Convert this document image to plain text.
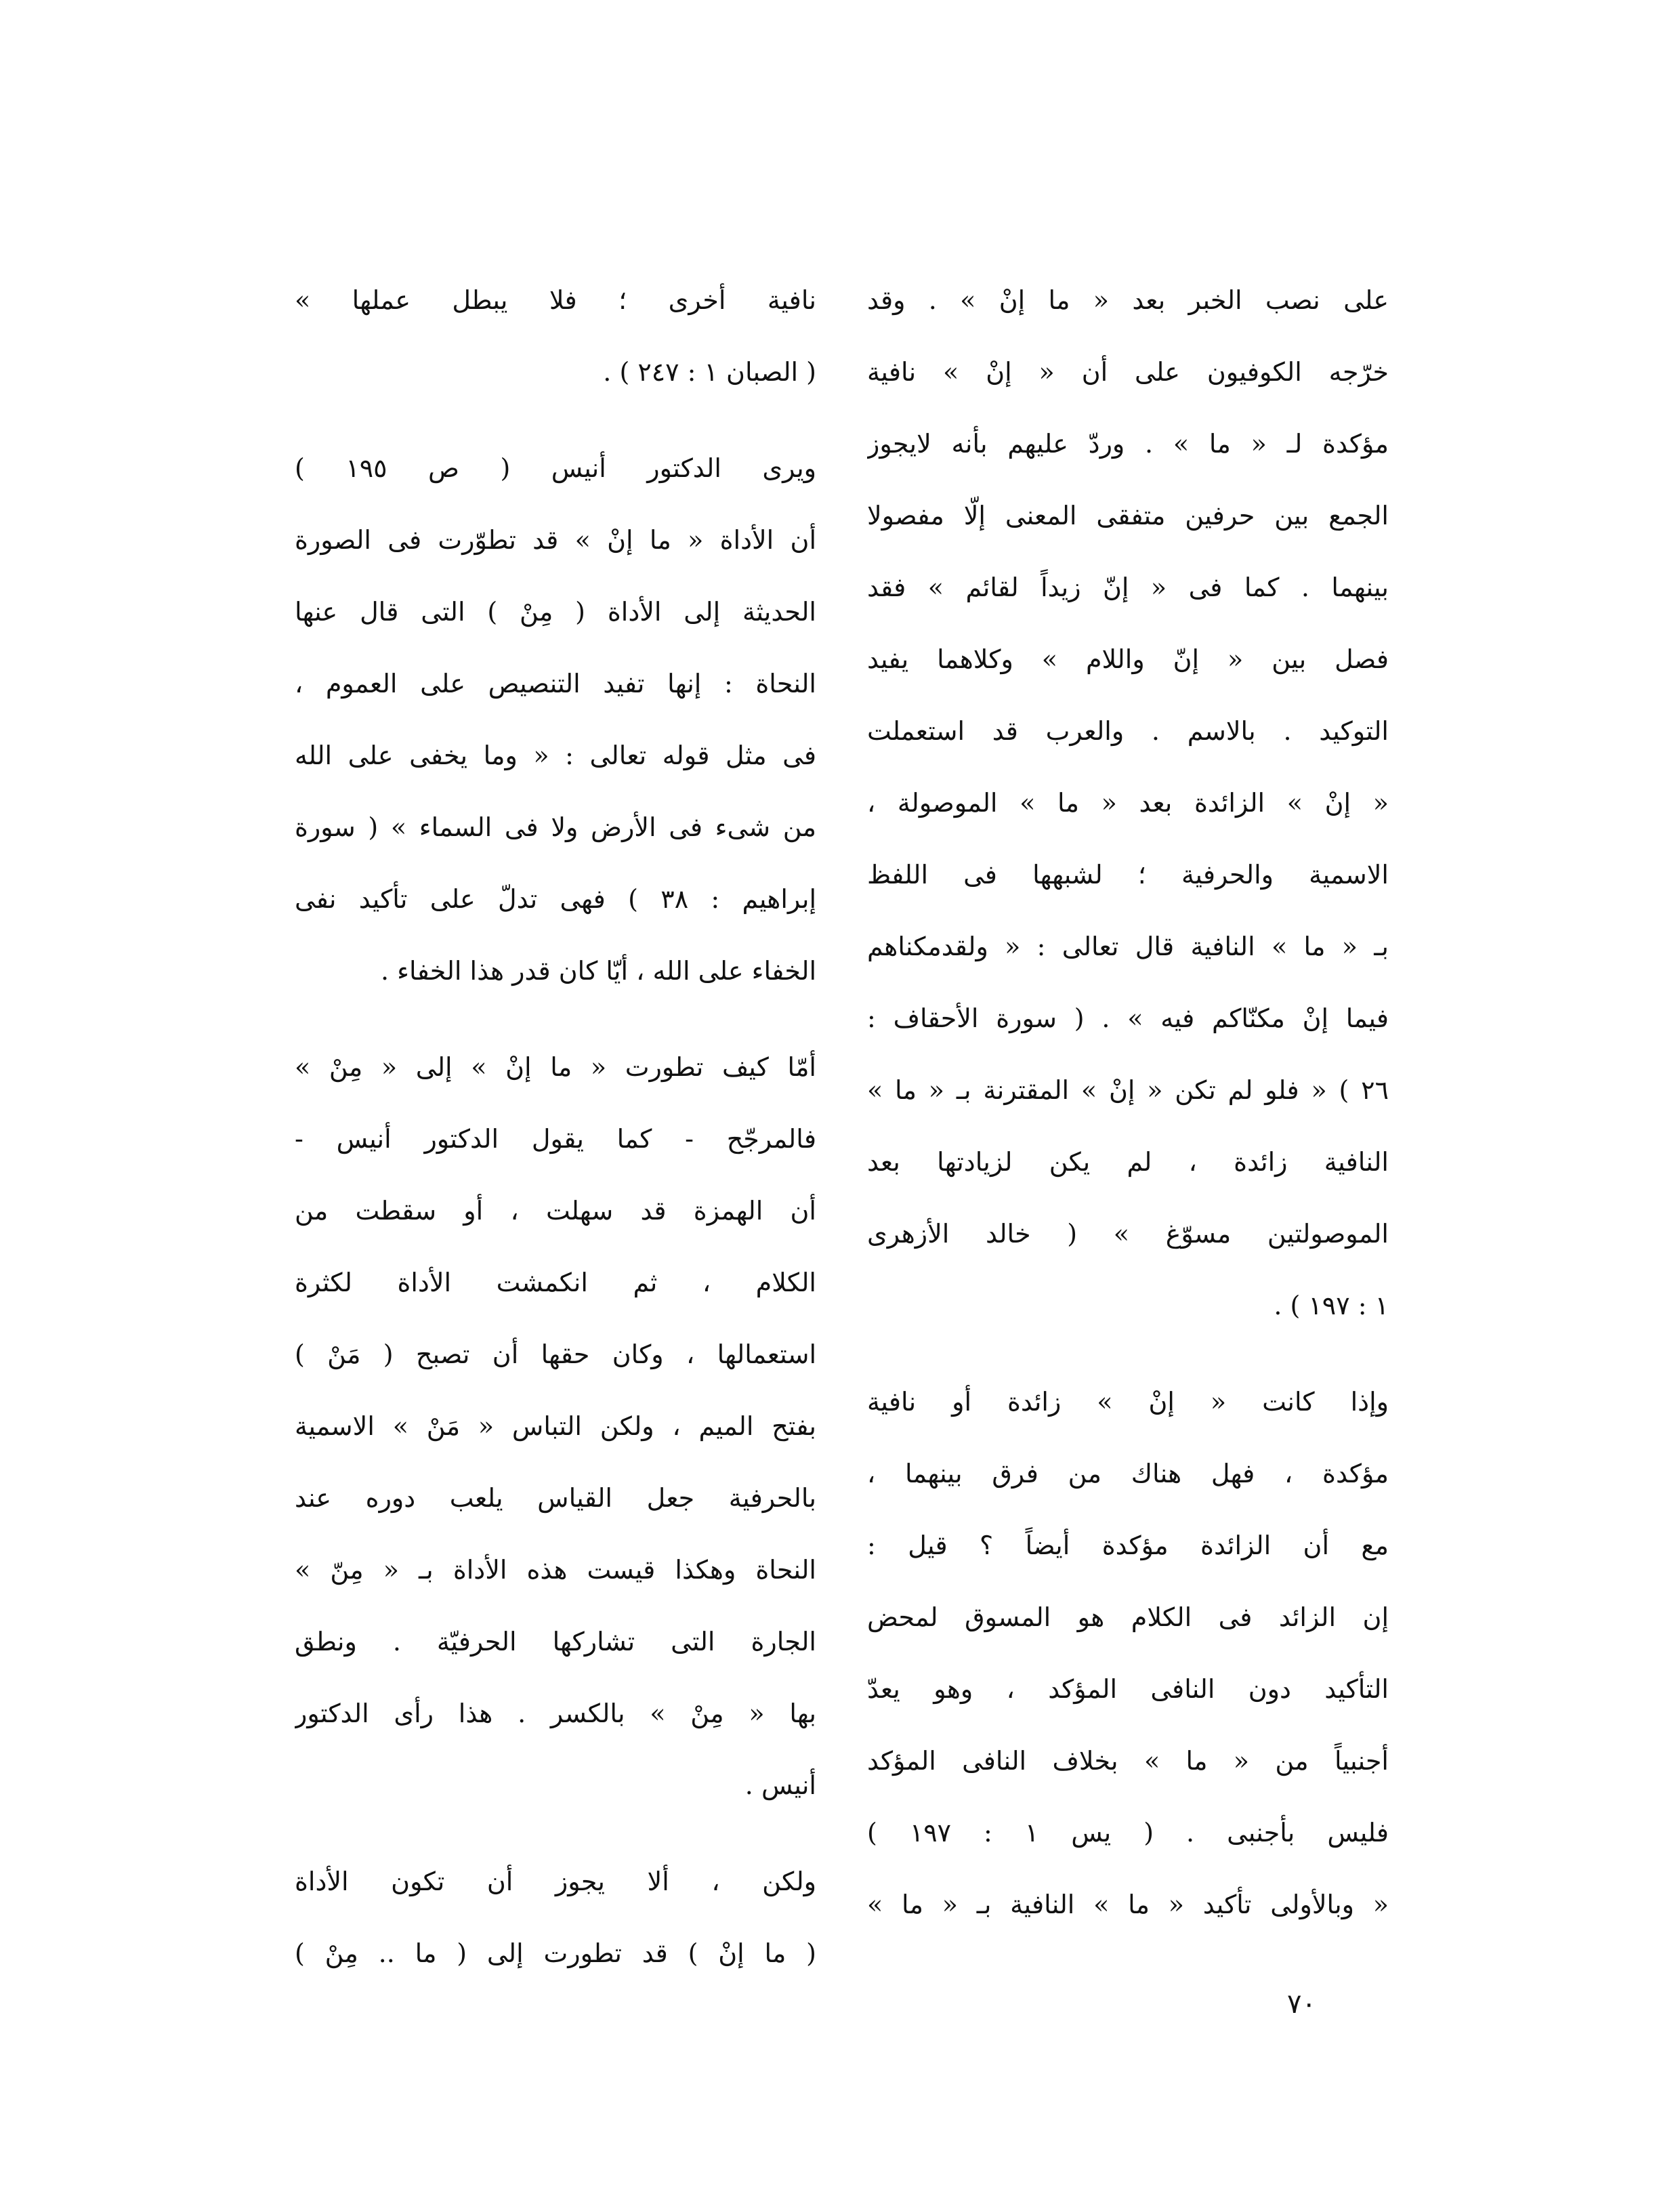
على نصب الخبر بعد « ما إنْ » . وقد
خرّجه الكوفيون على أن « إنْ » نافية
مؤكدة لـ « ما » . وردّ عليهم بأنه لايجوز
الجمع بين حرفين متفقى المعنى إلّا مفصولا
بينهما . كما فى « إنّ زيداً لقائم » فقد
فصل بين « إنّ واللام » وكلاهما يفيد
التوكيد . بالاسم . والعرب قد استعملت
« إنْ » الزائدة بعد « ما » الموصولة ،
الاسمية والحرفية ؛ لشبهها فى اللفظ
بـ « ما » النافية قال تعالى : « ولقدمكناهم
فيما إنْ مكنّاكم فيه » . ( سورة الأحقاف :
٢٦ ) « فلو لم تكن « إنْ » المقترنة بـ « ما »
النافية زائدة ، لم يكن لزيادتها بعد
الموصولتين مسوّغ » ( خالد الأزهرى
١ : ١٩٧ ) .

وإذا كانت « إنْ » زائدة أو نافية
مؤكدة ، فهل هناك من فرق بينهما ،
مع أن الزائدة مؤكدة أيضاً ؟ قيل :
إن الزائد فى الكلام هو المسوق لمحض
التأكيد دون النافى المؤكد ، وهو يعدّ
أجنبياً من « ما » بخلاف النافى المؤكد
فليس بأجنبى . ( يس ١ : ١٩٧ )
« وبالأولى تأكيد « ما » النافية بـ « ما »

نافية أخرى ؛ فلا يبطل عملها »
( الصبان ١ : ٢٤٧ ) .

ويرى الدكتور أنيس ( ص ١٩٥ )
أن الأداة « ما إنْ » قد تطوّرت فى الصورة
الحديثة إلى الأداة ( مِنْ ) التى قال عنها
النحاة : إنها تفيد التنصيص على العموم ،
فى مثل قوله تعالى : « وما يخفى على الله
من شىء فى الأرض ولا فى السماء » ( سورة
إبراهيم : ٣٨ ) فهى تدلّ على تأكيد نفى
الخفاء على الله ، أيّا كان قدر هذا الخفاء .

أمّا كيف تطورت « ما إنْ » إلى « مِنْ »
فالمرجّح - كما يقول الدكتور أنيس -
أن الهمزة قد سهلت ، أو سقطت من
الكلام ، ثم انكمشت الأداة لكثرة
استعمالها ، وكان حقها أن تصبح ( مَنْ )
بفتح الميم ، ولكن التباس « مَنْ » الاسمية
بالحرفية جعل القياس يلعب دوره عند
النحاة وهكذا قيست هذه الأداة بـ « مِنّ »
الجارة التى تشاركها الحرفيّة . ونطق
بها « مِنْ » بالكسر . هذا رأى الدكتور
أنيس .

ولكن ، ألا يجوز أن تكون الأداة
( ما إنْ ) قد تطورت إلى ( ما .. مِنْ )

٧٠
